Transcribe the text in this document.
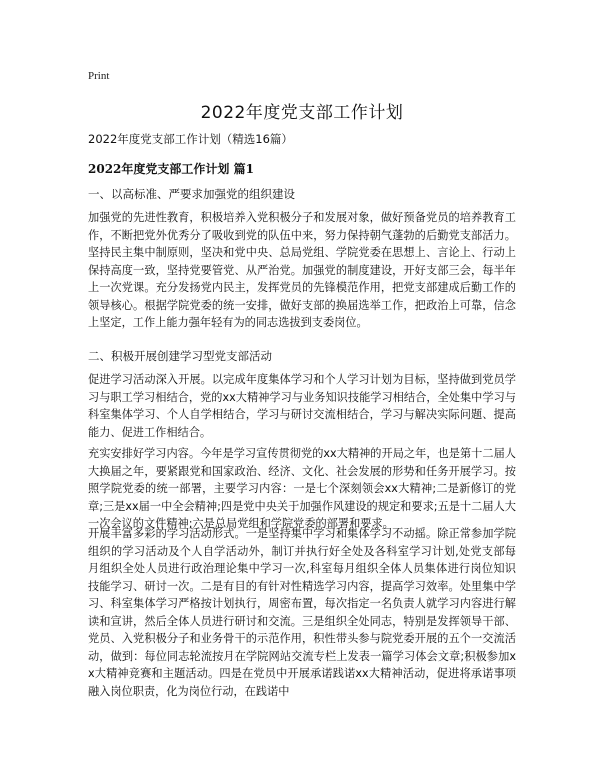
Print
2022年度党支部工作计划
2022年度党支部工作计划（精选16篇）
2022年度党支部工作计划 篇1
一、以高标准、严要求加强党的组织建设

加强党的先进性教育，积极培养入党积极分子和发展对象，做好预备党员的培养教育工作，不断把党外优秀分了吸收到党的队伍中来，努力保持朝气蓬勃的后勤党支部活力。坚持民主集中制原则，坚决和党中央、总局党组、学院党委在思想上、言论上、行动上保持高度一致，坚持党要管党、从严治党。加强党的制度建设，开好支部三会，每半年上一次党课。充分发扬党内民主，发挥党员的先锋模范作用，把党支部建成后勤工作的领导核心。根据学院党委的统一安排，做好支部的换届选举工作，把政治上可靠，信念上坚定，工作上能力强年轻有为的同志选拔到支委岗位。

二、积极开展创建学习型党支部活动

促进学习活动深入开展。以完成年度集体学习和个人学习计划为目标，坚持做到党员学习与职工学习相结合，党的xx大精神学习与业务知识技能学习相结合，全处集中学习与科室集体学习、个人自学相结合，学习与研讨交流相结合，学习与解决实际问题、提高能力、促进工作相结合。

充实安排好学习内容。今年是学习宣传贯彻党的xx大精神的开局之年，也是第十二届人大换届之年，要紧跟党和国家政治、经济、文化、社会发展的形势和任务开展学习。按照学院党委的统一部署，主要学习内容：一是七个深刻领会xx大精神;二是新修订的党章;三是xx届一中全会精神;四是党中央关于加强作风建设的规定和要求;五是十二届人大一次会议的文件精神;六是总局党组和学院党委的部署和要求。

开展丰富多彩的学习活动形式。一是坚持集中学习和集体学习不动摇。除正常参加学院组织的学习活动及个人自学活动外，制订并执行好全处及各科室学习计划,处党支部每月组织全处人员进行政治理论集中学习一次,科室每月组织全体人员集体进行岗位知识技能学习、研讨一次。二是有目的有针对性精选学习内容，提高学习效率。处里集中学习、科室集体学习严格按计划执行，周密布置，每次指定一名负责人就学习内容进行解读和宣讲，然后全体人员进行研讨和交流。三是组织全处同志，特别是发挥领导干部、党员、入党积极分子和业务骨干的示范作用，积性带头参与院党委开展的五个一交流活动，做到：每位同志轮流按月在学院网站交流专栏上发表一篇学习体会文章;积极参加xx大精神竞赛和主题活动。四是在党员中开展承诺践诺xx大精神活动，促进将承诺事项融入岗位职责，化为岗位行动，在践诺中
